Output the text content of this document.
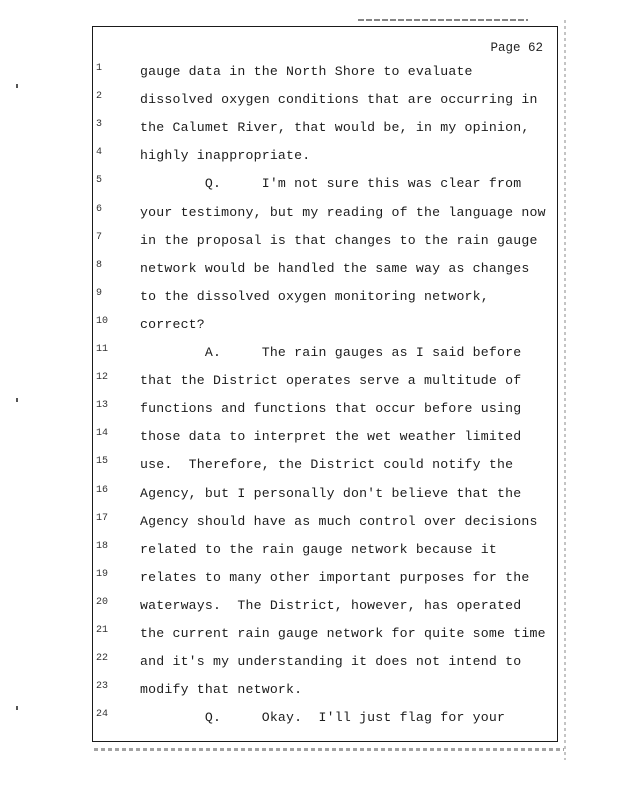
Page 62
1	gauge data in the North Shore to evaluate
2	dissolved oxygen conditions that are occurring in
3	the Calumet River, that would be, in my opinion,
4	highly inappropriate.
5	Q.     I'm not sure this was clear from
6	your testimony, but my reading of the language now
7	in the proposal is that changes to the rain gauge
8	network would be handled the same way as changes
9	to the dissolved oxygen monitoring network,
10	correct?
11	A.     The rain gauges as I said before
12	that the District operates serve a multitude of
13	functions and functions that occur before using
14	those data to interpret the wet weather limited
15	use.  Therefore, the District could notify the
16	Agency, but I personally don't believe that the
17	Agency should have as much control over decisions
18	related to the rain gauge network because it
19	relates to many other important purposes for the
20	waterways.  The District, however, has operated
21	the current rain gauge network for quite some time
22	and it's my understanding it does not intend to
23	modify that network.
24	Q.     Okay.  I'll just flag for your
